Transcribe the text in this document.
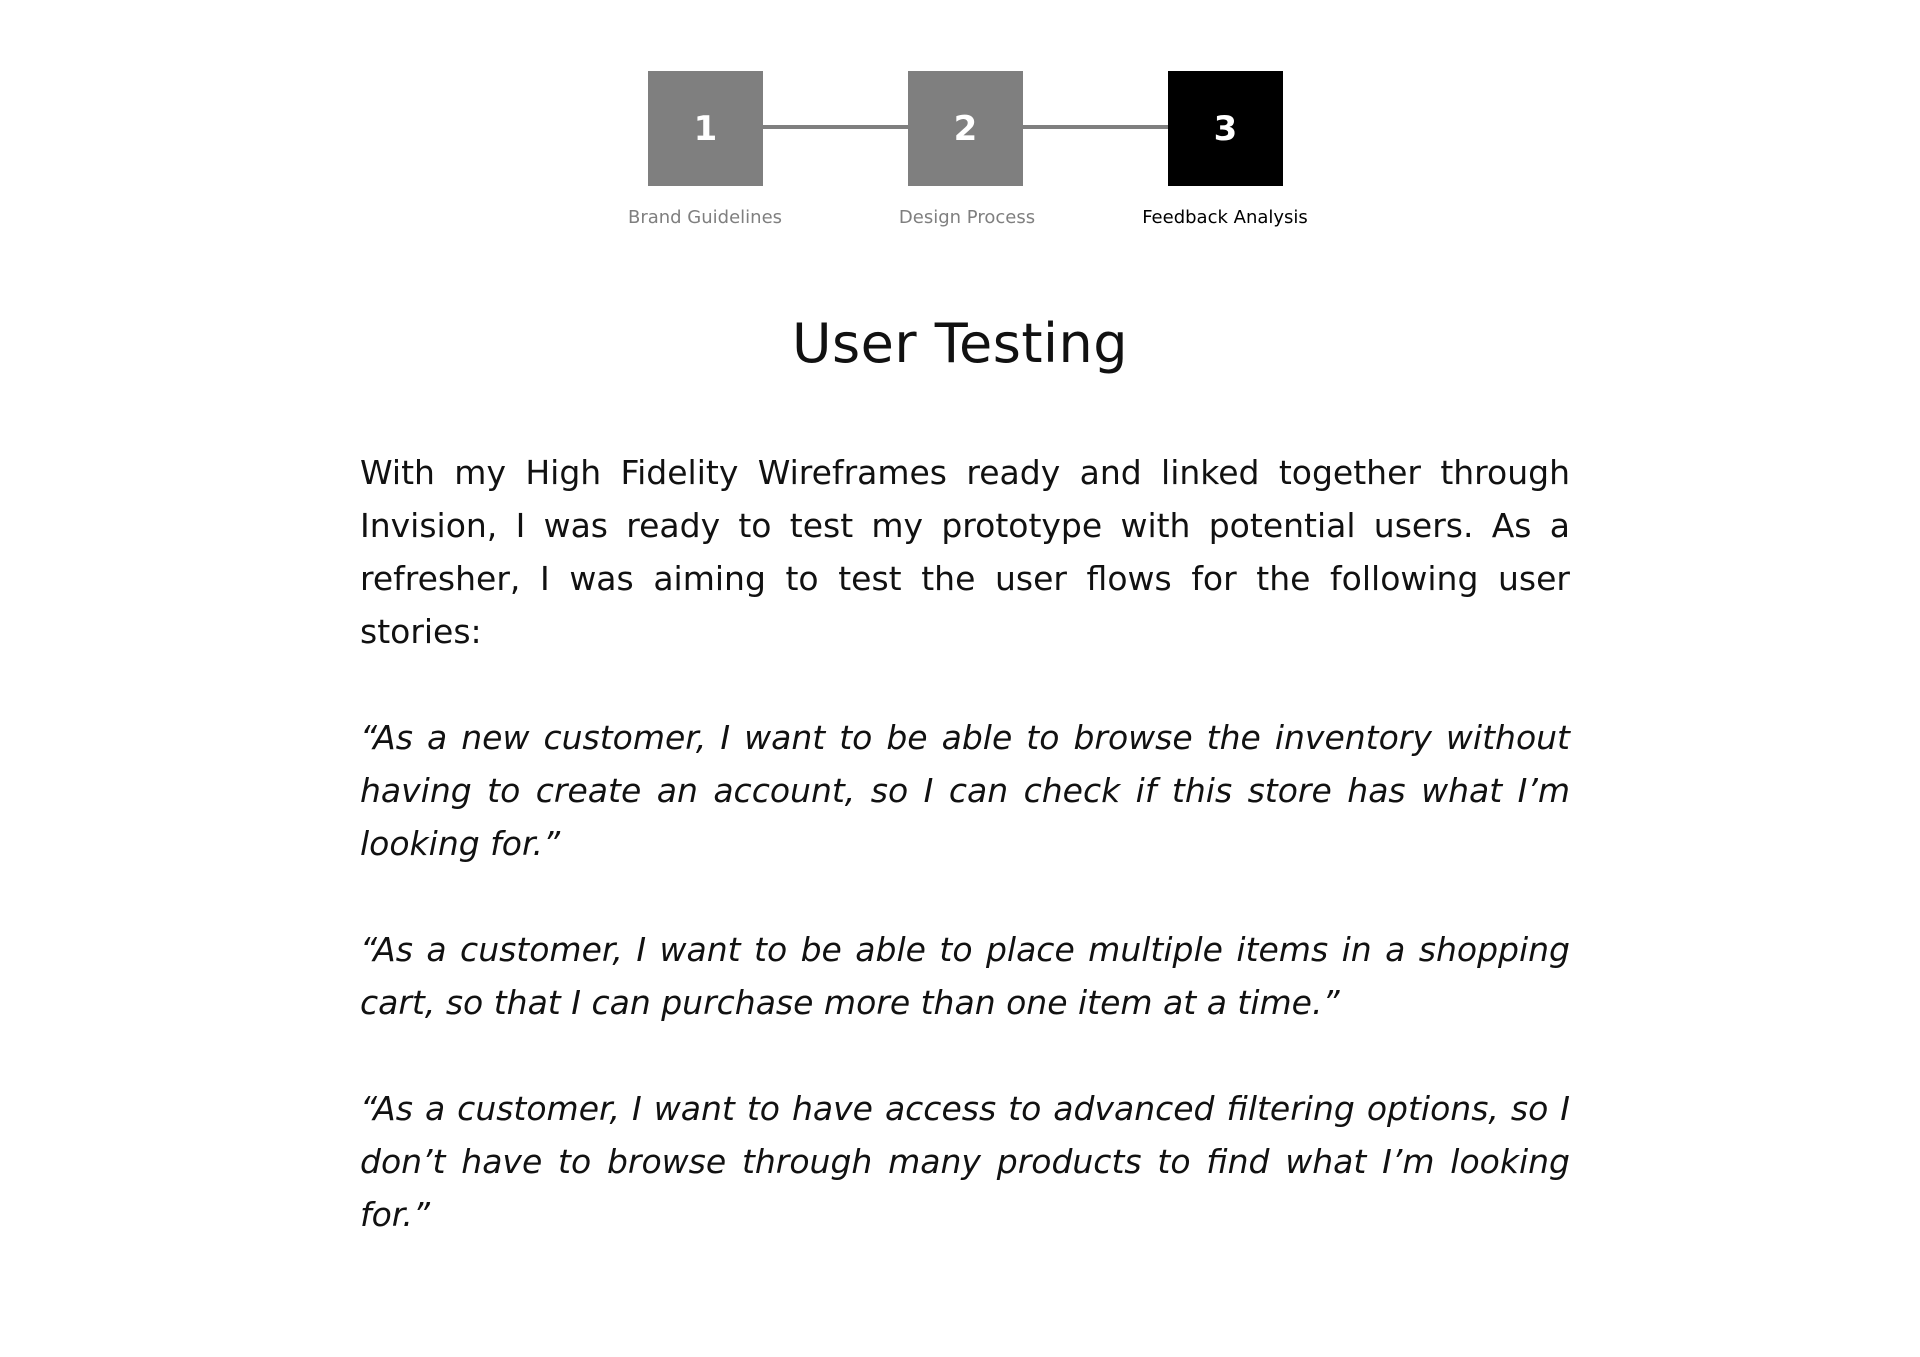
1	2	3
Brand Guidelines	Design Process	Feedback Analysis
User Testing

With my High Fidelity Wireframes ready and linked together through Invision, I was ready to test my prototype with potential users. As a refresher, I was aiming to test the user flows for the following user stories:

“As a new customer, I want to be able to browse the inventory without having to create an account, so I can check if this store has what I’m looking for.”

“As a customer, I want to be able to place multiple items in a shopping cart, so that I can purchase more than one item at a time.”

“As a customer, I want to have access to advanced filtering options, so I don’t have to browse through many products to find what I’m looking for.”
